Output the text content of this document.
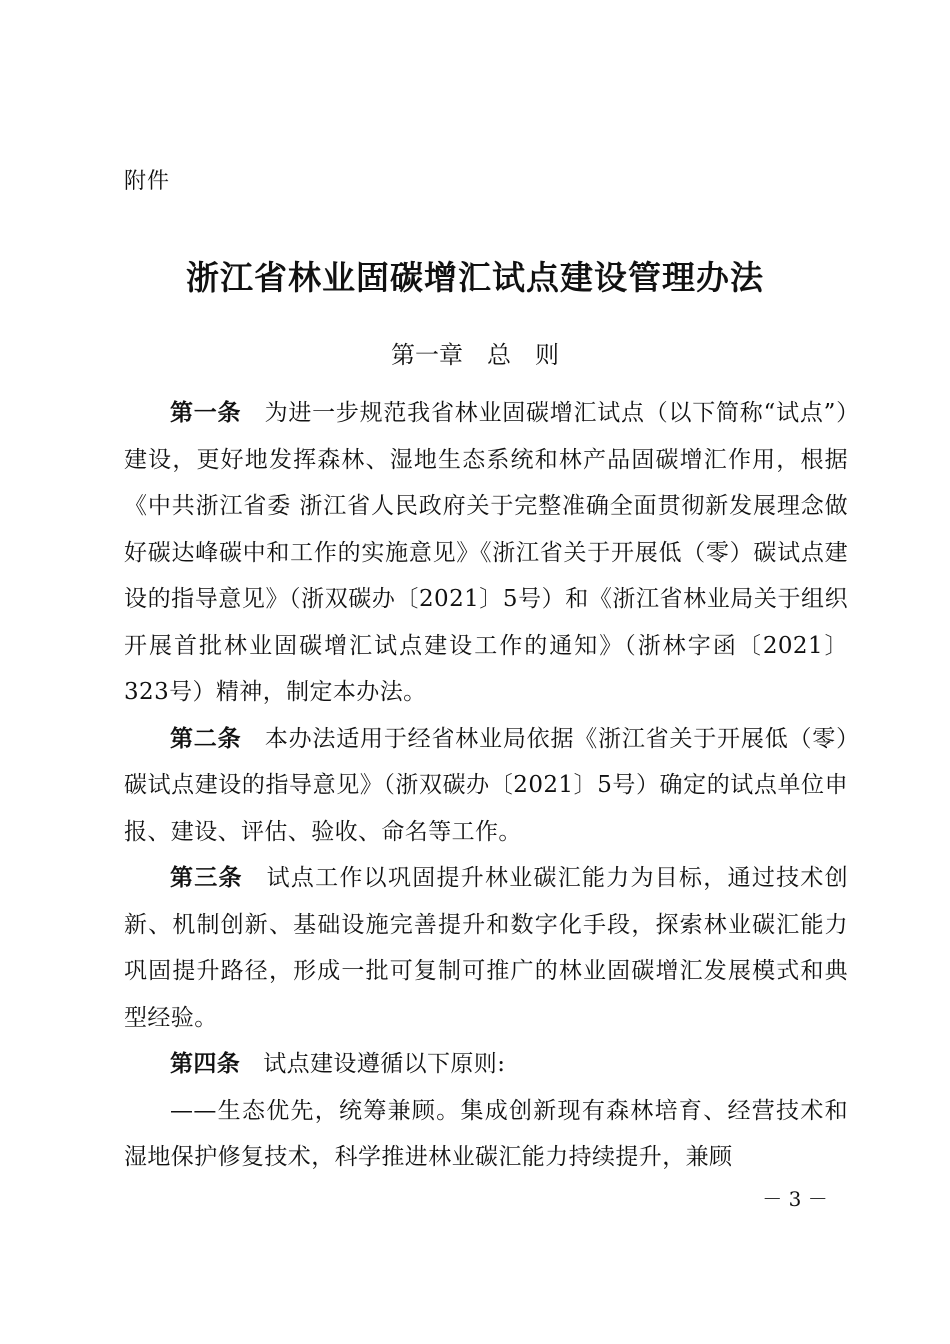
附件
浙江省林业固碳增汇试点建设管理办法
第一章　总　则

第一条 为进一步规范我省林业固碳增汇试点（以下简称“试点”）建设，更好地发挥森林、湿地生态系统和林产品固碳增汇作用，根据《中共浙江省委 浙江省人民政府关于完整准确全面贯彻新发展理念做好碳达峰碳中和工作的实施意见》《浙江省关于开展低（零）碳试点建设的指导意见》（浙双碳办〔2021〕5号）和《浙江省林业局关于组织开展首批林业固碳增汇试点建设工作的通知》（浙林字函〔2021〕323号）精神，制定本办法。

第二条 本办法适用于经省林业局依据《浙江省关于开展低（零）碳试点建设的指导意见》（浙双碳办〔2021〕5号）确定的试点单位申报、建设、评估、验收、命名等工作。

第三条 试点工作以巩固提升林业碳汇能力为目标，通过技术创新、机制创新、基础设施完善提升和数字化手段，探索林业碳汇能力巩固提升路径，形成一批可复制可推广的林业固碳增汇发展模式和典型经验。

第四条 试点建设遵循以下原则:

——生态优先，统筹兼顾。集成创新现有森林培育、经营技术和湿地保护修复技术，科学推进林业碳汇能力持续提升，兼顾

－ 3 －
